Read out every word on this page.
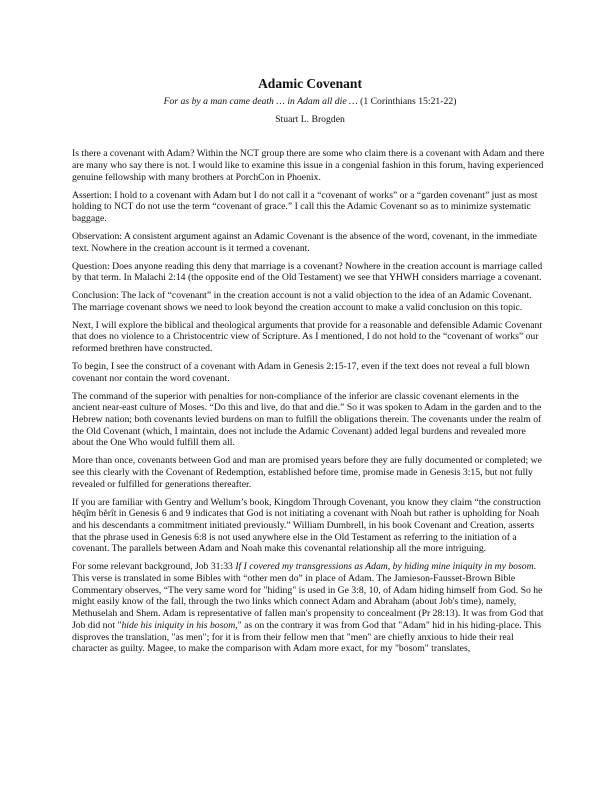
Adamic Covenant
For as by a man came death … in Adam all die … (1 Corinthians 15:21-22)
Stuart L. Brogden

Is there a covenant with Adam? Within the NCT group there are some who claim there is a covenant with Adam and there are many who say there is not. I would like to examine this issue in a congenial fashion in this forum, having experienced genuine fellowship with many brothers at PorchCon in Phoenix.

Assertion: I hold to a covenant with Adam but I do not call it a “covenant of works” or a “garden covenant” just as most holding to NCT do not use the term “covenant of grace.” I call this the Adamic Covenant so as to minimize systematic baggage.

Observation: A consistent argument against an Adamic Covenant is the absence of the word, covenant, in the immediate text. Nowhere in the creation account is it termed a covenant.

Question: Does anyone reading this deny that marriage is a covenant? Nowhere in the creation account is marriage called by that term. In Malachi 2:14 (the opposite end of the Old Testament) we see that YHWH considers marriage a covenant.

Conclusion: The lack of “covenant” in the creation account is not a valid objection to the idea of an Adamic Covenant. The marriage covenant shows we need to look beyond the creation account to make a valid conclusion on this topic.

Next, I will explore the biblical and theological arguments that provide for a reasonable and defensible Adamic Covenant that does no violence to a Christocentric view of Scripture. As I mentioned, I do not hold to the “covenant of works” our reformed brethren have constructed.

To begin, I see the construct of a covenant with Adam in Genesis 2:15-17, even if the text does not reveal a full blown covenant nor contain the word covenant.

The command of the superior with penalties for non-compliance of the inferior are classic covenant elements in the ancient near-east culture of Moses. “Do this and live, do that and die.” So it was spoken to Adam in the garden and to the Hebrew nation; both covenants levied burdens on man to fulfill the obligations therein. The covenants under the realm of the Old Covenant (which, I maintain, does not include the Adamic Covenant) added legal burdens and revealed more about the One Who would fulfill them all.

More than once, covenants between God and man are promised years before they are fully documented or completed; we see this clearly with the Covenant of Redemption, established before time, promise made in Genesis 3:15, but not fully revealed or fulfilled for generations thereafter.

If you are familiar with Gentry and Wellum’s book, Kingdom Through Covenant, you know they claim “the construction hēqîm bĕrît in Genesis 6 and 9 indicates that God is not initiating a covenant with Noah but rather is upholding for Noah and his descendants a commitment initiated previously.” William Dumbrell, in his book Covenant and Creation, asserts that the phrase used in Genesis 6:8 is not used anywhere else in the Old Testament as referring to the initiation of a covenant. The parallels between Adam and Noah make this covenantal relationship all the more intriguing.

For some relevant background, Job 31:33 If I covered my transgressions as Adam, by hiding mine iniquity in my bosom. This verse is translated in some Bibles with “other men do” in place of Adam. The Jamieson-Fausset-Brown Bible Commentary observes, “The very same word for "hiding" is used in Ge 3:8, 10, of Adam hiding himself from God. So he might easily know of the fall, through the two links which connect Adam and Abraham (about Job's time), namely, Methuselah and Shem. Adam is representative of fallen man's propensity to concealment (Pr 28:13). It was from God that Job did not "hide his iniquity in his bosom," as on the contrary it was from God that "Adam" hid in his hiding-place. This disproves the translation, "as men"; for it is from their fellow men that "men" are chiefly anxious to hide their real character as guilty. Magee, to make the comparison with Adam more exact, for my "bosom" translates,
